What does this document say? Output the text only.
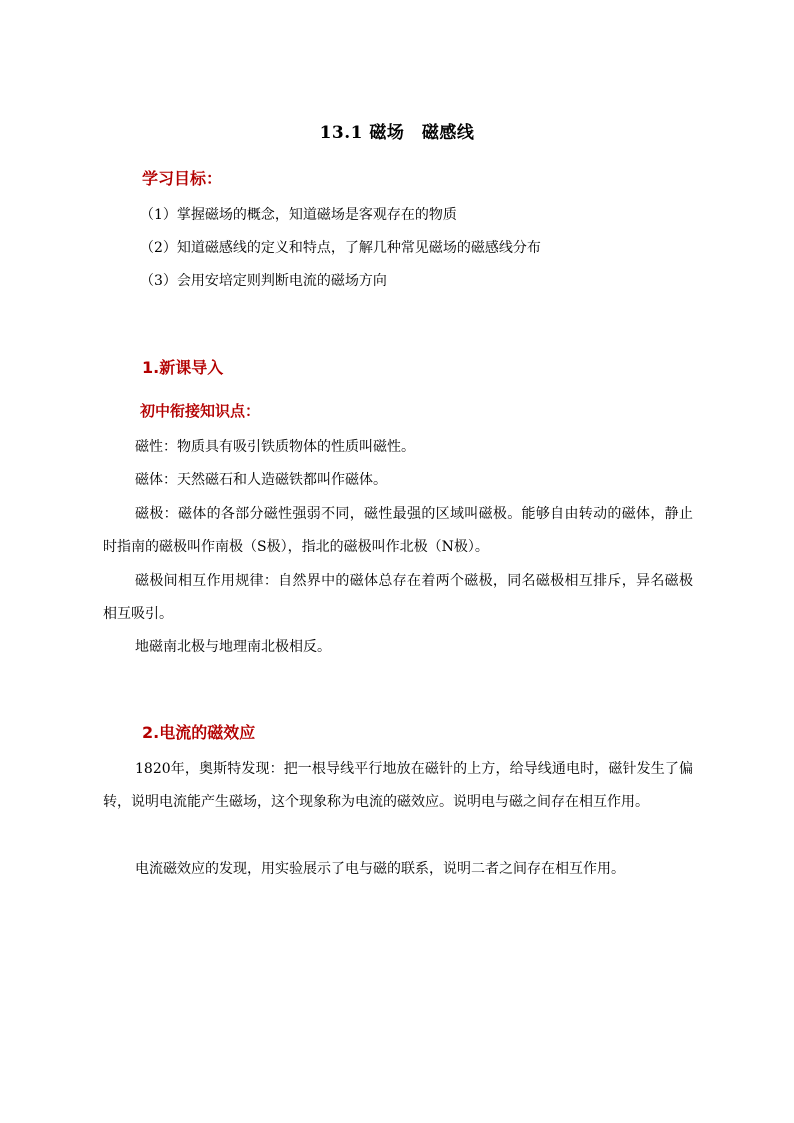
13.1 磁场　磁感线
学习目标：
（1）掌握磁场的概念，知道磁场是客观存在的物质
（2）知道磁感线的定义和特点，了解几种常见磁场的磁感线分布
（3）会用安培定则判断电流的磁场方向
1.新课导入
初中衔接知识点：
磁性：物质具有吸引铁质物体的性质叫磁性。
磁体：天然磁石和人造磁铁都叫作磁体。
磁极：磁体的各部分磁性强弱不同，磁性最强的区域叫磁极。能够自由转动的磁体，静止时指南的磁极叫作南极（S极），指北的磁极叫作北极（N极）。
磁极间相互作用规律：自然界中的磁体总存在着两个磁极，同名磁极相互排斥，异名磁极相互吸引。
地磁南北极与地理南北极相反。
2.电流的磁效应
1820年，奥斯特发现：把一根导线平行地放在磁针的上方，给导线通电时，磁针发生了偏转，说明电流能产生磁场，这个现象称为电流的磁效应。说明电与磁之间存在相互作用。
电流磁效应的发现，用实验展示了电与磁的联系，说明二者之间存在相互作用。
